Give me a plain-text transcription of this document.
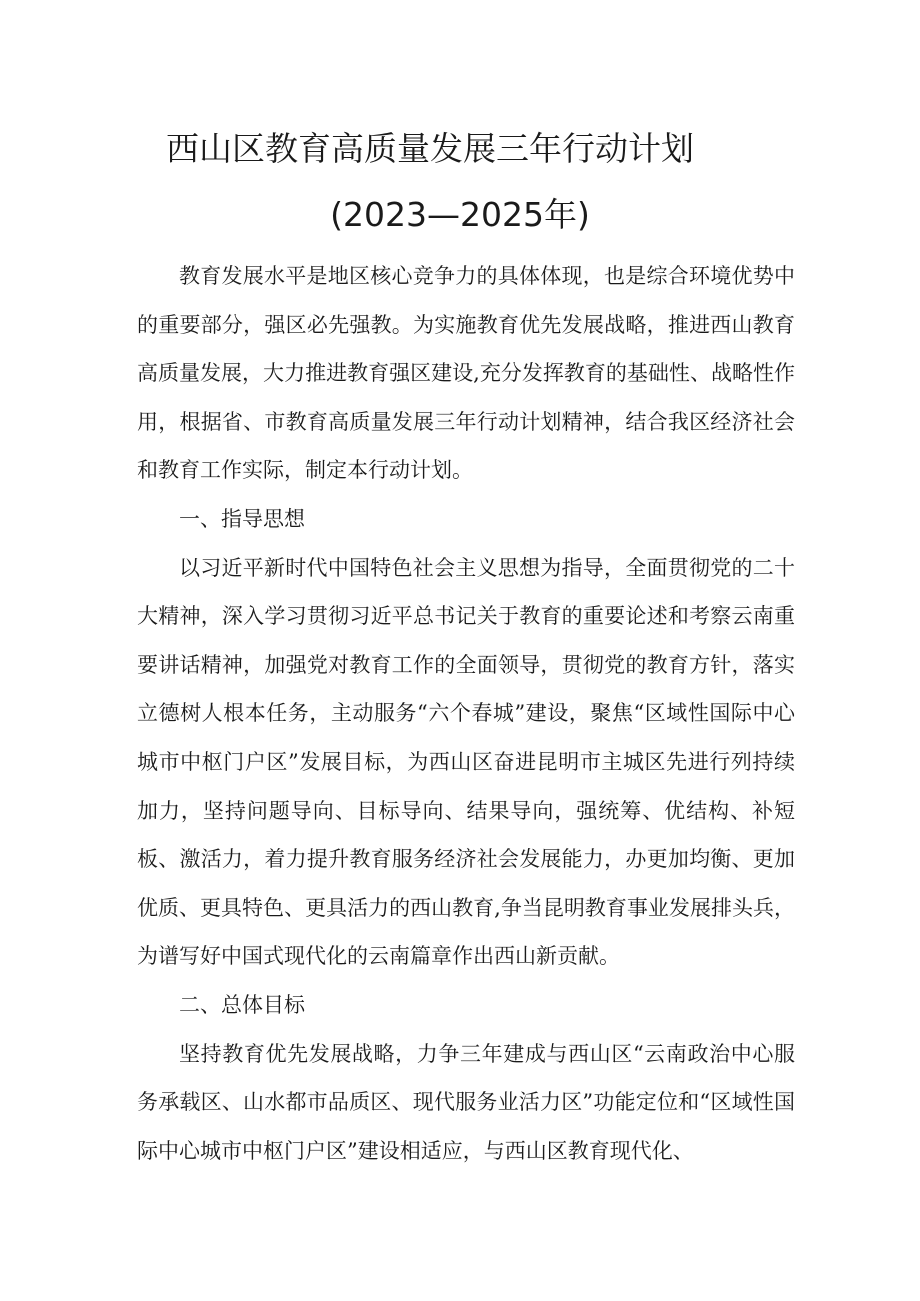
西山区教育高质量发展三年行动计划
(2023—2025年)

教育发展水平是地区核心竞争力的具体体现，也是综合环境优势中的重要部分，强区必先强教。为实施教育优先发展战略，推进西山教育高质量发展，大力推进教育强区建设,充分发挥教育的基础性、战略性作用，根据省、市教育高质量发展三年行动计划精神，结合我区经济社会和教育工作实际，制定本行动计划。

一、指导思想

以习近平新时代中国特色社会主义思想为指导，全面贯彻党的二十大精神，深入学习贯彻习近平总书记关于教育的重要论述和考察云南重要讲话精神，加强党对教育工作的全面领导，贯彻党的教育方针，落实立德树人根本任务，主动服务“六个春城”建设，聚焦“区域性国际中心城市中枢门户区”发展目标，为西山区奋进昆明市主城区先进行列持续加力，坚持问题导向、目标导向、结果导向，强统筹、优结构、补短板、激活力，着力提升教育服务经济社会发展能力，办更加均衡、更加优质、更具特色、更具活力的西山教育,争当昆明教育事业发展排头兵，为谱写好中国式现代化的云南篇章作出西山新贡献。

二、总体目标

坚持教育优先发展战略，力争三年建成与西山区“云南政治中心服务承载区、山水都市品质区、现代服务业活力区”功能定位和“区域性国际中心城市中枢门户区”建设相适应，与西山区教育现代化、
